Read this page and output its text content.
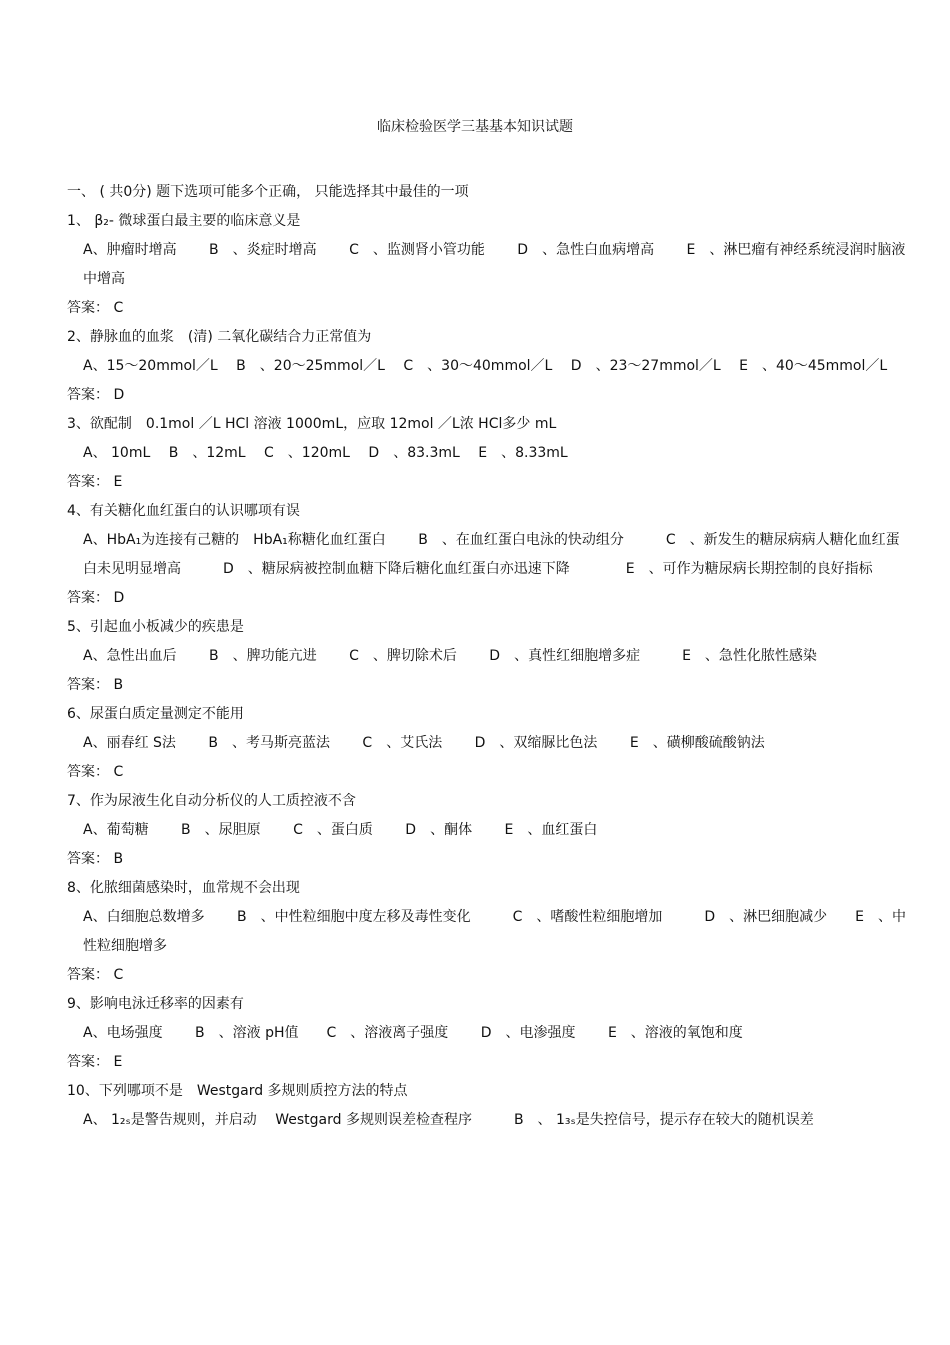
临床检验医学三基基本知识试题
一、 ( 共0分) 题下选项可能多个正确， 只能选择其中最佳的一项
1、 β₂- 微球蛋白最主要的临床意义是
A、肿瘤时增高　　 B　、炎症时增高　　 C　、监测肾小管功能　　 D　、急性白血病增高　　 E　、淋巴瘤有神经系统浸润时脑液中增高
答案： C
2、静脉血的血浆　(清) 二氧化碳结合力正常值为
A、15～20mmol／L　 B　、20～25mmol／L　 C　、30～40mmol／L　 D　、23～27mmol／L　 E　、40～45mmol／L
答案： D
3、欲配制　0.1mol ／L HCl 溶液 1000mL，应取 12mol ／L浓 HCl多少 mL
A、 10mL　 B　、12mL　 C　、120mL　 D　、83.3mL　 E　、8.33mL
答案： E
4、有关糖化血红蛋白的认识哪项有误
A、HbA₁为连接有己糖的　HbA₁称糖化血红蛋白　　 B　、在血红蛋白电泳的快动组分　　　C　、新发生的糖尿病病人糖化血红蛋白未见明显增高　　　D　、糖尿病被控制血糖下降后糖化血红蛋白亦迅速下降　　　　E　、可作为糖尿病长期控制的良好指标
答案： D
5、引起血小板减少的疾患是
A、急性出血后　　 B　、脾功能亢进　　 C　、脾切除术后　　 D　、真性红细胞增多症　　　E　、急性化脓性感染
答案： B
6、尿蛋白质定量测定不能用
A、丽春红 S法　　 B　、考马斯亮蓝法　　 C　、艾氏法　　 D　、双缩脲比色法　　 E　、磺柳酸硫酸钠法
答案： C
7、作为尿液生化自动分析仪的人工质控液不含
A、葡萄糖　　 B　、尿胆原　　 C　、蛋白质　　 D　、酮体　　 E　、血红蛋白
答案： B
8、化脓细菌感染时，血常规不会出现
A、白细胞总数增多　　 B　、中性粒细胞中度左移及毒性变化　　　C　、嗜酸性粒细胞增加　　　D　、淋巴细胞减少　　E　、中性粒细胞增多
答案： C
9、影响电泳迁移率的因素有
A、电场强度　　 B　、溶液 pH值　　C　、溶液离子强度　　 D　、电渗强度　　 E　、溶液的氧饱和度
答案： E
10、下列哪项不是　Westgard 多规则质控方法的特点
A、 1₂ₛ是警告规则，并启动　 Westgard 多规则误差检查程序　　　B　、 1₃ₛ是失控信号，提示存在较大的随机误差
